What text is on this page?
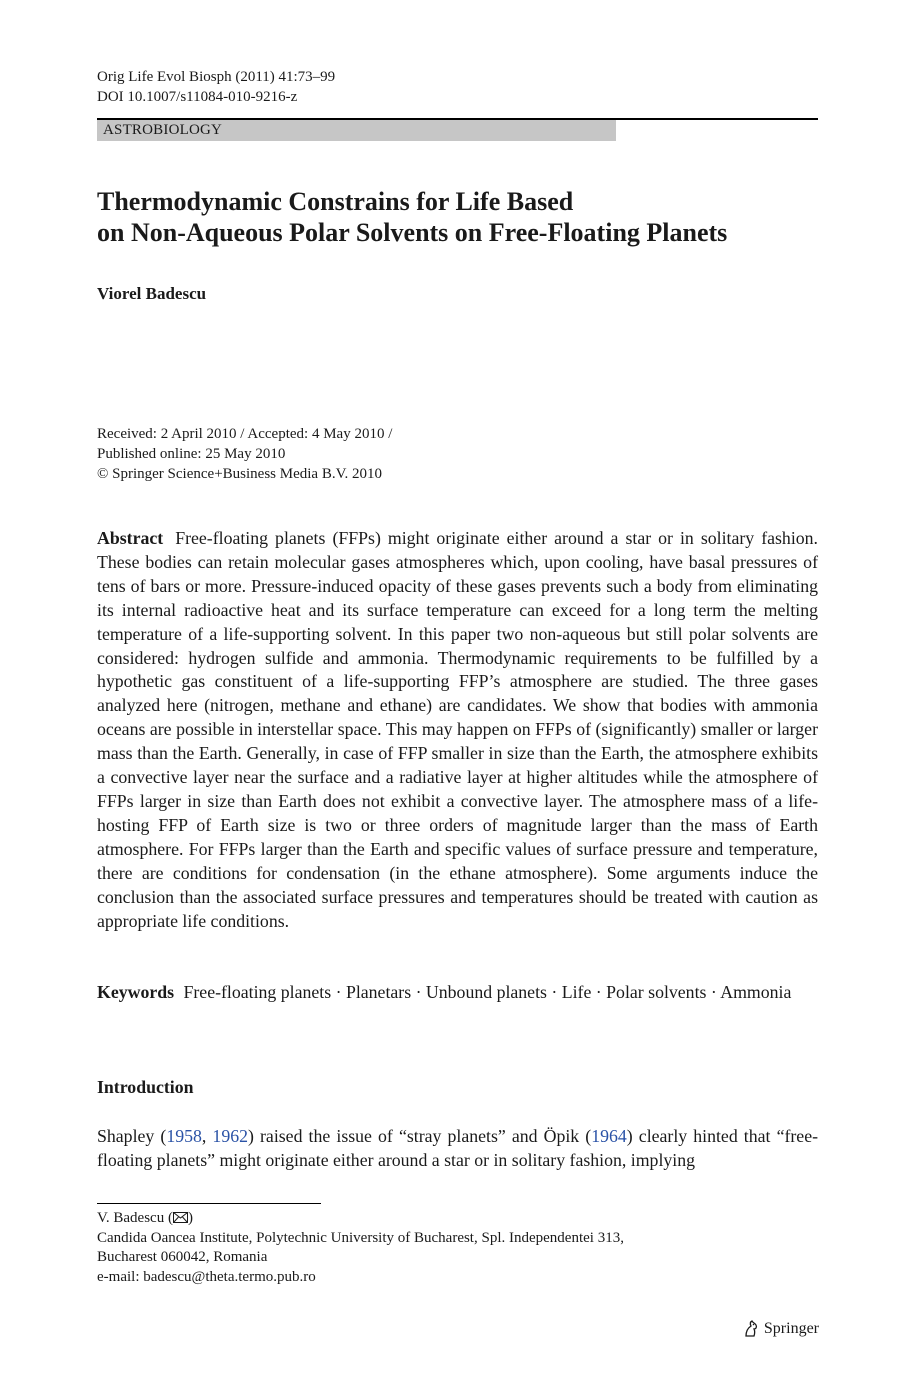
Orig Life Evol Biosph (2011) 41:73–99
DOI 10.1007/s11084-010-9216-z
ASTROBIOLOGY
Thermodynamic Constrains for Life Based
on Non-Aqueous Polar Solvents on Free-Floating Planets
Viorel Badescu
Received: 2 April 2010 / Accepted: 4 May 2010 /
Published online: 25 May 2010
© Springer Science+Business Media B.V. 2010

Abstract Free-floating planets (FFPs) might originate either around a star or in solitary fashion. These bodies can retain molecular gases atmospheres which, upon cooling, have basal pressures of tens of bars or more. Pressure-induced opacity of these gases prevents such a body from eliminating its internal radioactive heat and its surface temperature can exceed for a long term the melting temperature of a life-supporting solvent. In this paper two non-aqueous but still polar solvents are considered: hydrogen sulfide and ammonia. Thermodynamic requirements to be fulfilled by a hypothetic gas constituent of a life-supporting FFP’s atmosphere are studied. The three gases analyzed here (nitrogen, methane and ethane) are candidates. We show that bodies with ammonia oceans are possible in interstellar space. This may happen on FFPs of (significantly) smaller or larger mass than the Earth. Generally, in case of FFP smaller in size than the Earth, the atmosphere exhibits a convective layer near the surface and a radiative layer at higher altitudes while the atmosphere of FFPs larger in size than Earth does not exhibit a convective layer. The atmosphere mass of a life-hosting FFP of Earth size is two or three orders of magnitude larger than the mass of Earth atmosphere. For FFPs larger than the Earth and specific values of surface pressure and temperature, there are conditions for condensation (in the ethane atmosphere). Some arguments induce the conclusion than the associated surface pressures and temperatures should be treated with caution as appropriate life conditions.

Keywords Free-floating planets · Planetars · Unbound planets · Life · Polar solvents · Ammonia

Introduction

Shapley (1958, 1962) raised the issue of “stray planets” and Öpik (1964) clearly hinted that “free-floating planets” might originate either around a star or in solitary fashion, implying

V. Badescu ( )
Candida Oancea Institute, Polytechnic University of Bucharest, Spl. Independentei 313,
Bucharest 060042, Romania
e-mail: badescu@theta.termo.pub.ro
Springer
